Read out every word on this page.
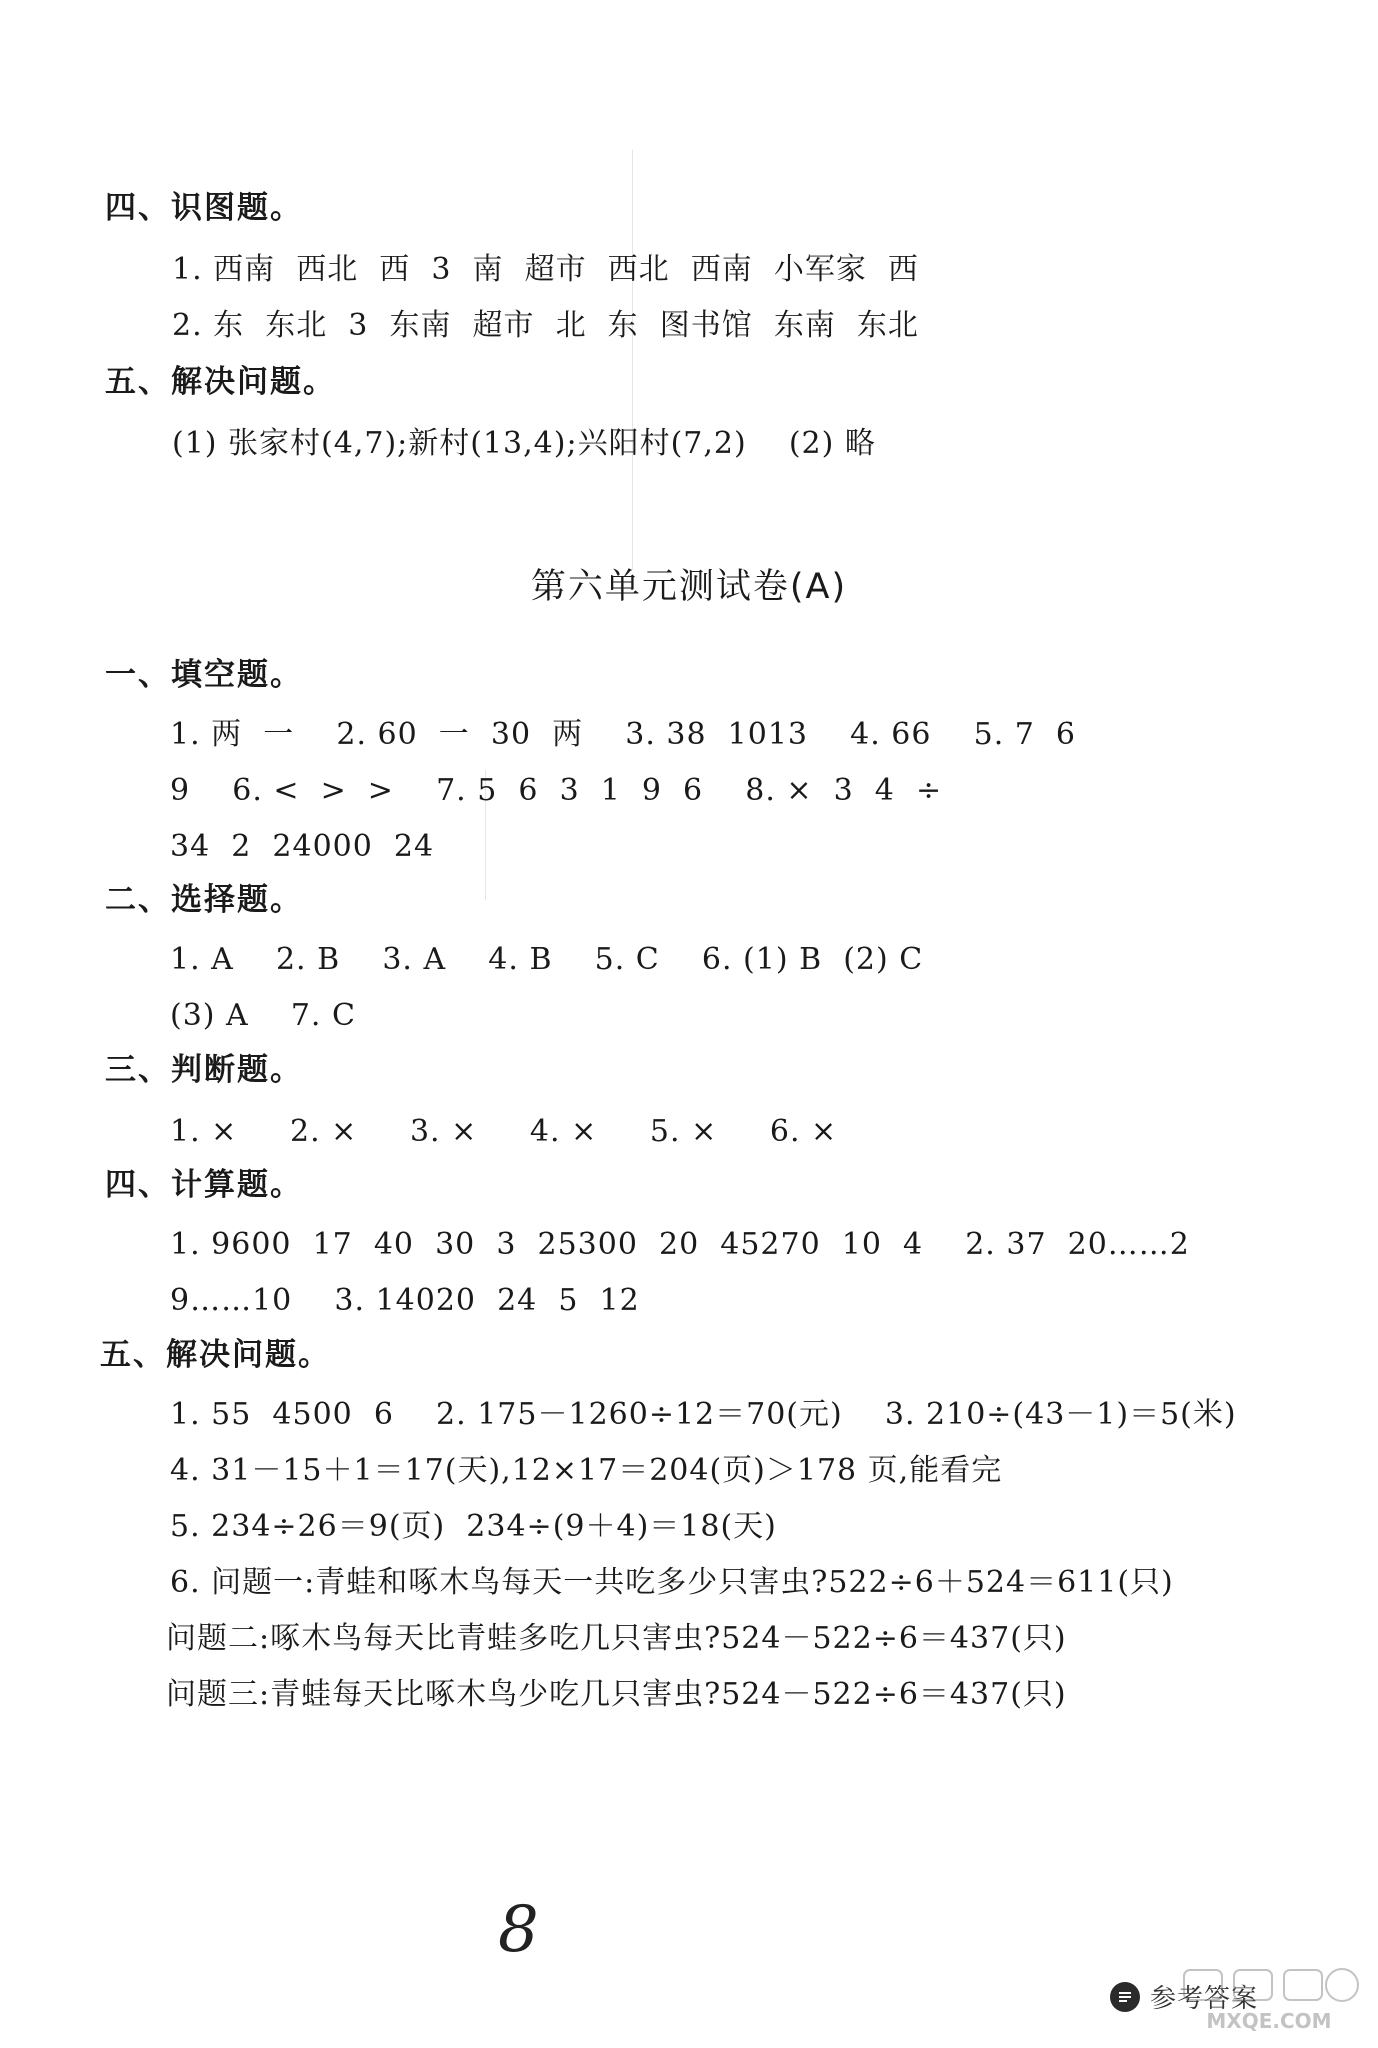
四、识图题。
1. 西南  西北  西  3  南  超市  西北  西南  小军家  西
2. 东  东北  3  东南  超市  北  东  图书馆  东南  东北
五、解决问题。
(1) 张家村(4,7);新村(13,4);兴阳村(7,2)    (2) 略
第六单元测试卷(A)
一、填空题。
1. 两  一    2. 60  一  30  两    3. 38  1013    4. 66    5. 7  6
9    6. <  >  >    7. 5  6  3  1  9  6    8. ×  3  4  ÷
34  2  24000  24
二、选择题。
1. A    2. B    3. A    4. B    5. C    6. (1) B  (2) C
(3) A    7. C
三、判断题。
1. ×     2. ×     3. ×     4. ×     5. ×     6. ×
四、计算题。
1. 9600  17  40  30  3  25300  20  45270  10  4    2. 37  20……2
9……10    3. 14020  24  5  12
五、解决问题。
1. 55  4500  6    2. 175－1260÷12＝70(元)    3. 210÷(43－1)＝5(米)
4. 31－15＋1＝17(天),12×17＝204(页)＞178 页,能看完
5. 234÷26＝9(页)  234÷(9＋4)＝18(天)
6. 问题一:青蛙和啄木鸟每天一共吃多少只害虫?522÷6＋524＝611(只)
问题二:啄木鸟每天比青蛙多吃几只害虫?524－522÷6＝437(只)
问题三:青蛙每天比啄木鸟少吃几只害虫?524－522÷6＝437(只)
8
参考答案
MXQE.COM
